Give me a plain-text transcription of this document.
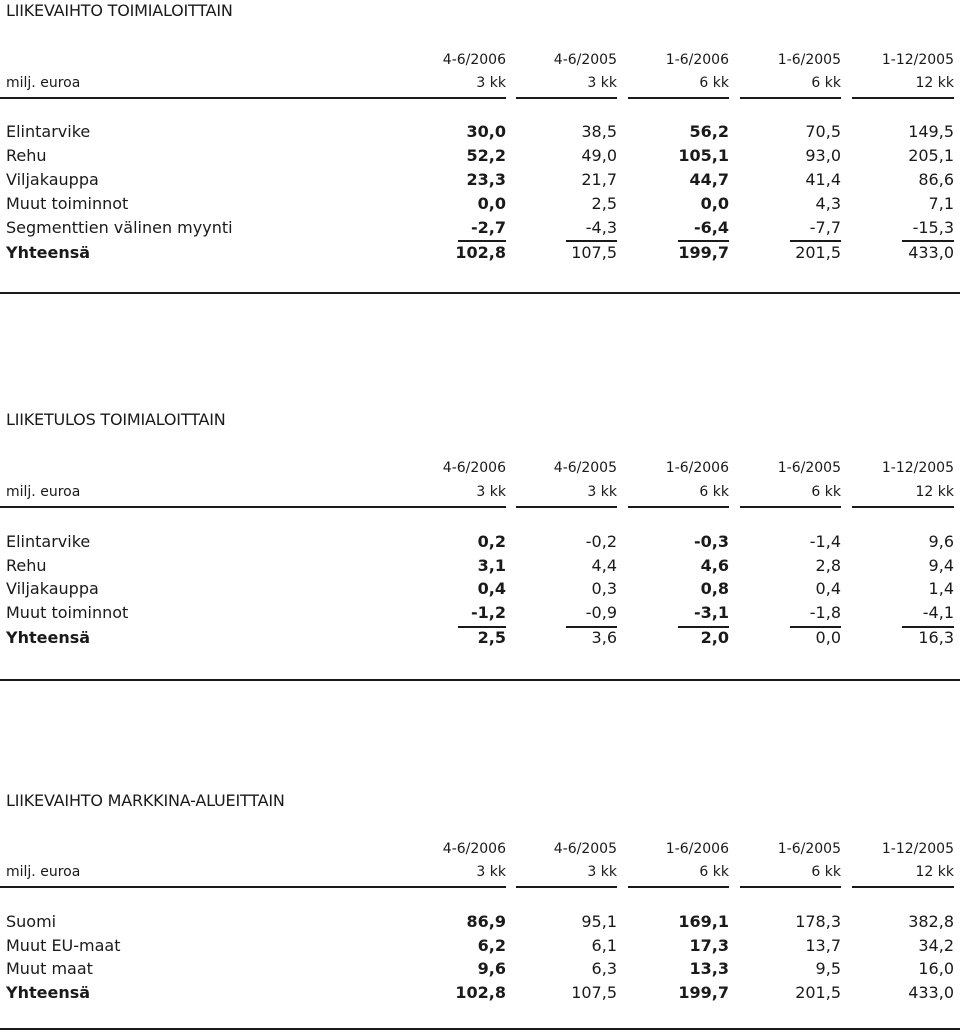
LIIKEVAIHTO TOIMIALOITTAIN
4-6/2006	4-6/2005	1-6/2006	1-6/2005	1-12/2005
milj. euroa	3 kk	3 kk	6 kk	6 kk	12 kk
Elintarvike	30,0	38,5	56,2	70,5	149,5
Rehu	52,2	49,0	105,1	93,0	205,1
Viljakauppa	23,3	21,7	44,7	41,4	86,6
Muut toiminnot	0,0	2,5	0,0	4,3	7,1
Segmenttien välinen myynti	-2,7	-4,3	-6,4	-7,7	-15,3
Yhteensä	102,8	107,5	199,7	201,5	433,0
LIIKETULOS TOIMIALOITTAIN
4-6/2006	4-6/2005	1-6/2006	1-6/2005	1-12/2005
milj. euroa	3 kk	3 kk	6 kk	6 kk	12 kk
Elintarvike	0,2	-0,2	-0,3	-1,4	9,6
Rehu	3,1	4,4	4,6	2,8	9,4
Viljakauppa	0,4	0,3	0,8	0,4	1,4
Muut toiminnot	-1,2	-0,9	-3,1	-1,8	-4,1
Yhteensä	2,5	3,6	2,0	0,0	16,3
LIIKEVAIHTO MARKKINA-ALUEITTAIN
4-6/2006	4-6/2005	1-6/2006	1-6/2005	1-12/2005
milj. euroa	3 kk	3 kk	6 kk	6 kk	12 kk
Suomi	86,9	95,1	169,1	178,3	382,8
Muut EU-maat	6,2	6,1	17,3	13,7	34,2
Muut maat	9,6	6,3	13,3	9,5	16,0
Yhteensä	102,8	107,5	199,7	201,5	433,0
